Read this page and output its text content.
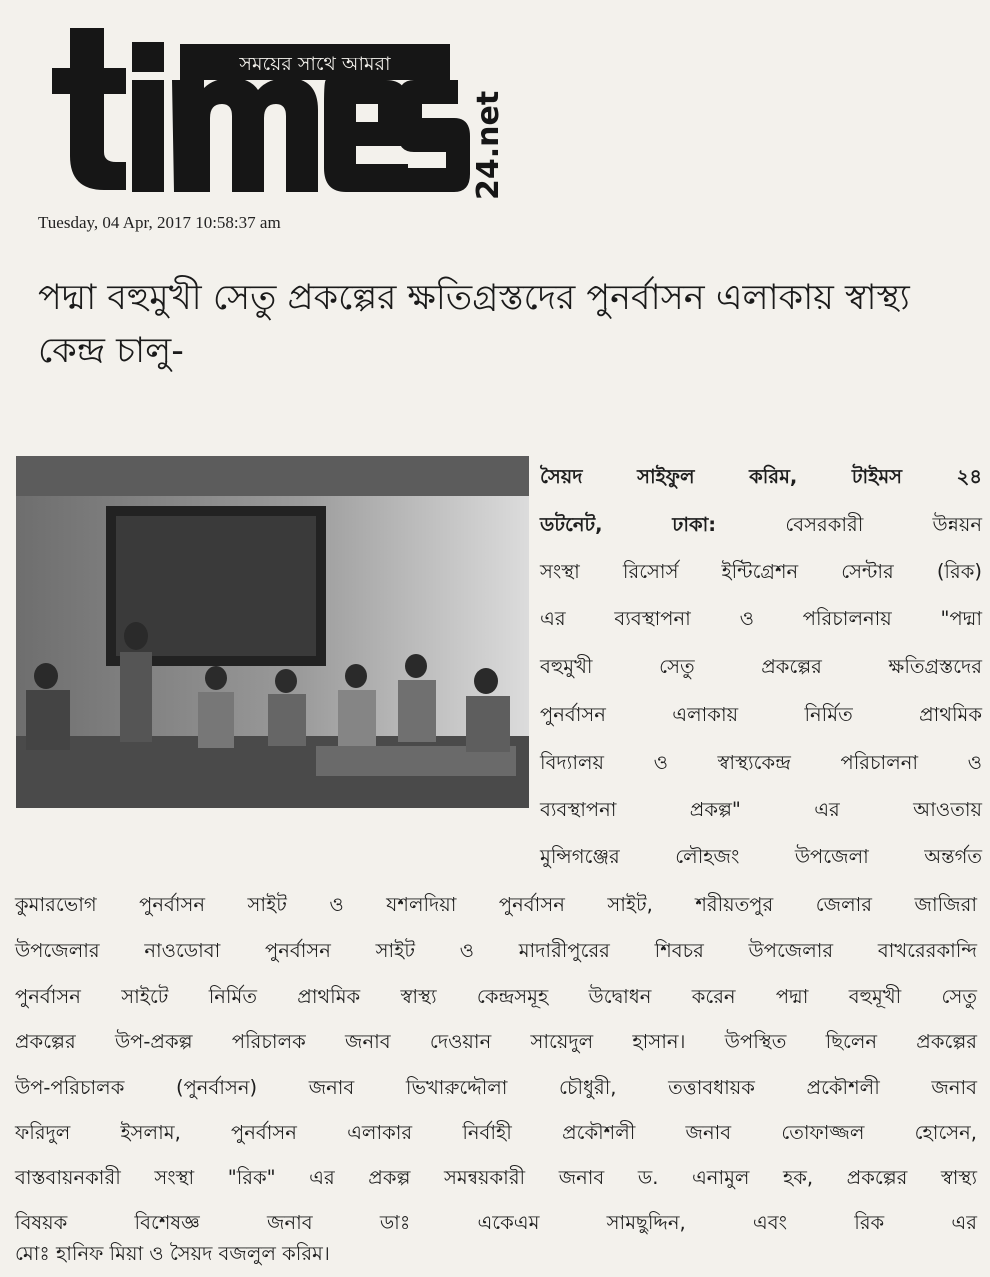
সময়ের সাথে আমরা
24.net
Tuesday, 04 Apr, 2017 10:58:37 am
পদ্মা বহুমুখী সেতু প্রকল্পের ক্ষতিগ্রস্তদের পুনর্বাসন এলাকায় স্বাস্থ্য কেন্দ্র চালু-
সৈয়দ সাইফুল করিম, টাইমস ২৪
ডটনেট, ঢাকা:	বেসরকারী উন্নয়ন
সংস্থা রিসোর্স ইন্টিগ্রেশন সেন্টার (রিক)
এর ব্যবস্থাপনা ও পরিচালনায় "পদ্মা
বহুমুখী সেতু প্রকল্পের ক্ষতিগ্রস্তদের
পুনর্বাসন এলাকায় নির্মিত প্রাথমিক
বিদ্যালয় ও স্বাস্থ্যকেন্দ্র পরিচালনা ও
ব্যবস্থাপনা প্রকল্প" এর আওতায়
মুন্সিগঞ্জের লৌহজং উপজেলা অন্তর্গত
কুমারভোগ পুনর্বাসন সাইট ও যশলদিয়া পুনর্বাসন সাইট, শরীয়তপুর জেলার জাজিরা
উপজেলার নাওডোবা পুনর্বাসন সাইট ও মাদারীপুরের শিবচর উপজেলার বাখরেরকান্দি
পুনর্বাসন সাইটে নির্মিত প্রাথমিক স্বাস্থ্য কেন্দ্রসমূহ উদ্বোধন করেন পদ্মা বহুমূখী সেতু
প্রকল্পের উপ-প্রকল্প পরিচালক জনাব দেওয়ান সায়েদুল হাসান। উপস্থিত ছিলেন প্রকল্পের
উপ-পরিচালক (পুনর্বাসন) জনাব ভিখারুদ্দৌলা চৌধুরী, তত্তাবধায়ক প্রকৌশলী জনাব
ফরিদুল ইসলাম, পুনর্বাসন এলাকার নির্বাহী প্রকৌশলী জনাব তোফাজ্জল হোসেন,
বাস্তবায়নকারী সংস্থা "রিক" এর প্রকল্প সমন্বয়কারী জনাব ড. এনামুল হক, প্রকল্পের স্বাস্থ্য
বিষয়ক বিশেষজ্ঞ জনাব ডাঃ একেএম সামছুদ্দিন, এবং রিক এর
মোঃ হানিফ মিয়া ও সৈয়দ বজলুল করিম।
